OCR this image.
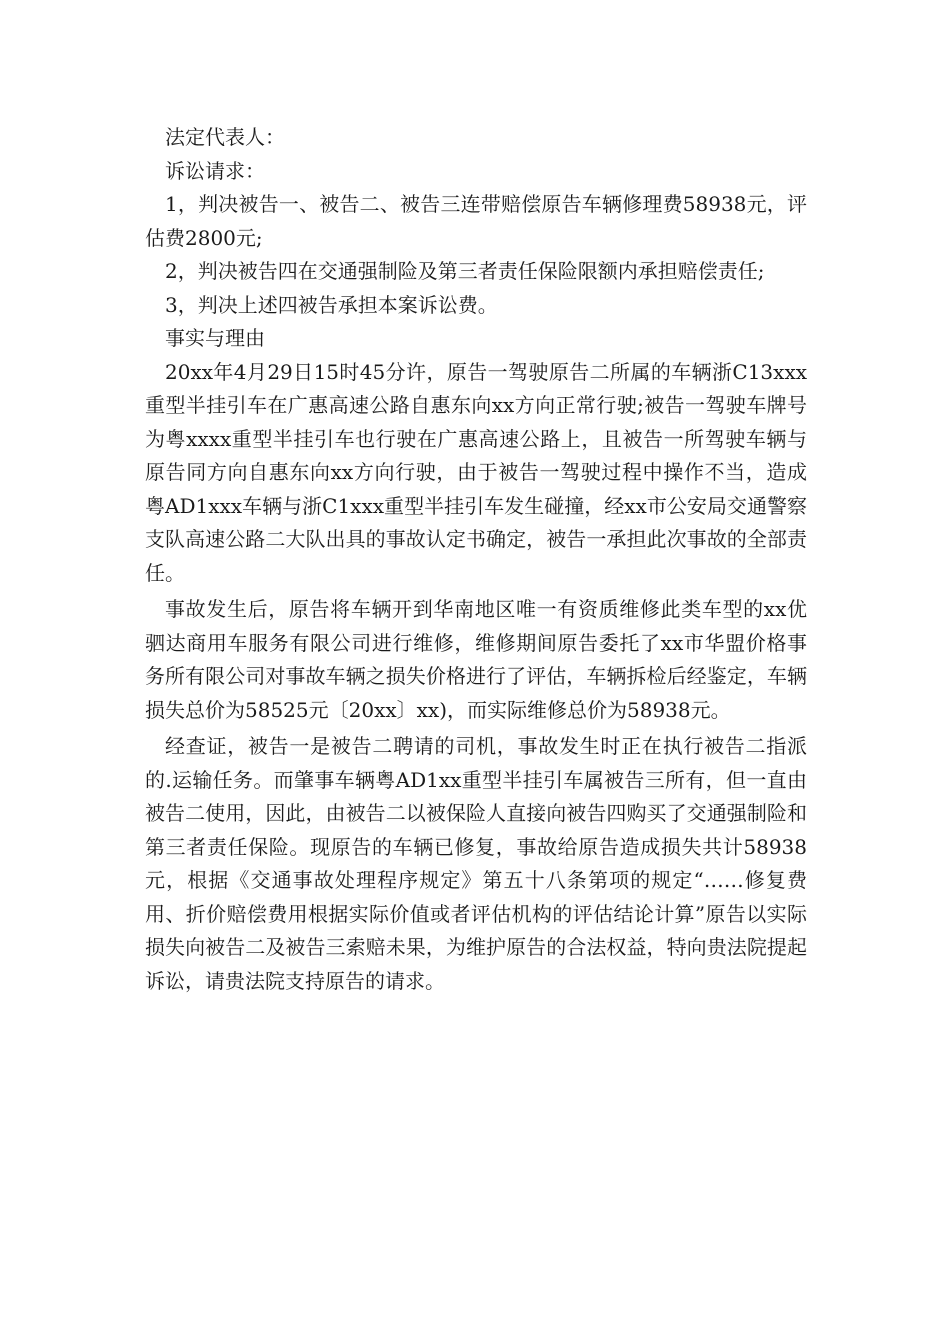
法定代表人：

诉讼请求：

1，判决被告一、被告二、被告三连带赔偿原告车辆修理费58938元，评估费2800元;

2，判决被告四在交通强制险及第三者责任保险限额内承担赔偿责任;

3，判决上述四被告承担本案诉讼费。

事实与理由

20xx年4月29日15时45分许，原告一驾驶原告二所属的车辆浙C13xxx重型半挂引车在广惠高速公路自惠东向xx方向正常行驶;被告一驾驶车牌号为粤xxxx重型半挂引车也行驶在广惠高速公路上，且被告一所驾驶车辆与原告同方向自惠东向xx方向行驶，由于被告一驾驶过程中操作不当，造成粤AD1xxx车辆与浙C1xxx重型半挂引车发生碰撞，经xx市公安局交通警察支队高速公路二大队出具的事故认定书确定，被告一承担此次事故的全部责任。

事故发生后，原告将车辆开到华南地区唯一有资质维修此类车型的xx优驷达商用车服务有限公司进行维修，维修期间原告委托了xx市华盟价格事务所有限公司对事故车辆之损失价格进行了评估，车辆拆检后经鉴定，车辆损失总价为58525元〔20xx〕xx)，而实际维修总价为58938元。

经查证，被告一是被告二聘请的司机，事故发生时正在执行被告二指派的.运输任务。而肇事车辆粤AD1xx重型半挂引车属被告三所有，但一直由被告二使用，因此，由被告二以被保险人直接向被告四购买了交通强制险和第三者责任保险。现原告的车辆已修复，事故给原告造成损失共计58938元，根据《交通事故处理程序规定》第五十八条第项的规定“……修复费用、折价赔偿费用根据实际价值或者评估机构的评估结论计算”原告以实际损失向被告二及被告三索赔未果，为维护原告的合法权益，特向贵法院提起诉讼，请贵法院支持原告的请求。
